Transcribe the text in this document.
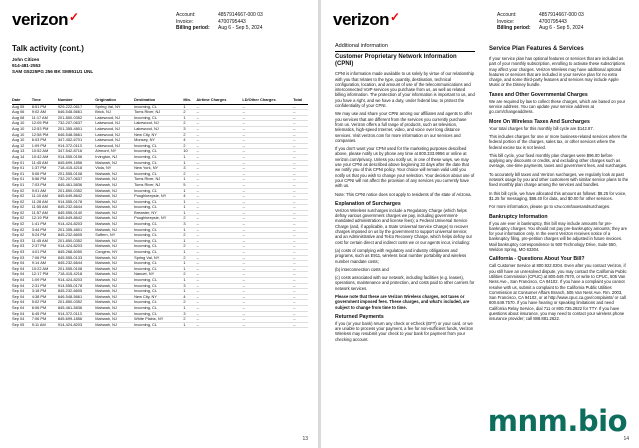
verizon✓	Account:	4857914667-000 03
Invoice:	4700795443
Billing period:	Aug 6 - Sep 5, 2024
Talk activity (cont.)
John Citizen
914-481-2553
SAM G5225PG 256 BK SM951U1 UNL
Date	Time	Number	Origination	Destination	Min.	Airtime Charges	LD/Other Charges	Total
Aug 05	8:51 PM	929-222-0617	Spring Val, NY	Incoming, CL	1	--	--	--
Aug 06	9:02 AM	646-548-5661	Brick, NJ	Toms River, NJ	2	--	--	--
Aug 08	11:17 AM	201-850-0352	Lakewood, NJ	Incoming, CL	1	--	--	--
Aug 10	12:05 PM	732-207-0637	Lakewood, NJ	Lakewood, NJ	2	--	--	--
Aug 10	12:53 PM	201-355-4801	Lakewood, NJ	Lakewood, NJ	3	--	--	--
Aug 10	12:58 PM	646-548-5661	Lakewood, NJ	New City, NY	2	--	--	--
Aug 10	6:03 PM	347-452-6701	Lakewood, NJ	Monsey, NY	4	--	--	--
Aug 12	1:09 PM	914-372-0113	Lakewood, NJ	Incoming, CL	2	--	--	--
Aug 13	10:52 AM	347-542-8716	Airmont, NY	Incoming, CL	10	--	--	--
Aug 14	10:42 AM	914-555-0156	Irvington, NJ	Incoming, CL	1	--	--	--
Sep 01	11:45 AM	845-699-1856	Mahwah, NJ	Incoming, CL	1	--	--	--
Sep 01	1:37 PM	718-415-4218	Viola, NY	New York, NY	3	--	--	--
Sep 01	5:06 PM	201-555-0108	Mahwah, NJ	Incoming, CL	2	--	--	--
Sep 01	5:56 PM	732-207-0637	Mahwah, NJ	Toms River, NJ	1	--	--	--
Sep 01	7:03 PM	845-461-5836	Mahwah, NJ	Toms River, NJ	5	--	--	--
Sep 02	9:01 AM	201-850-0352	Mahwah, NJ	Incoming, CL	1	--	--	--
Sep 02	11:10 AM	845-649-8642	Mahwah, NJ	Poughkeepsie, NY	4	--	--	--
Sep 02	11:28 AM	914-555-0178	Mahwah, NJ	Incoming, CL	1	--	--	--
Sep 02	11:55 AM	845-232-6644	Mahwah, NJ	Incoming, CL	1	--	--	--
Sep 02	11:57 AM	845-555-0140	Mahwah, NJ	Brewster, NY	1	--	--	--
Sep 02	12:19 PM	845-649-8642	Mahwah, NJ	Poughkeepsie, NY	2	--	--	--
Sep 02	1:41 PM	914-424-8203	Mahwah, NJ	Incoming, CL	3	--	--	--
Sep 02	3:44 PM	201-355-4801	Mahwah, NJ	Incoming, CL	1	--	--	--
Sep 02	5:24 PM	845-232-6605	Suffern, NY	Incoming, CL	2	--	--	--
Sep 03	11:45 AM	201-850-0352	Mahwah, NJ	Incoming, CL	1	--	--	--
Sep 03	2:37 PM	914-424-8203	Mahwah, NJ	Incoming, CL	2	--	--	--
Sep 03	4:01 PM	845-268-6050	Congers, NY	Incoming, CL	1	--	--	--
Sep 03	7:06 PM	845-555-0133	Mahwah, NJ	Spring Val, NY	2	--	--	--
Sep 04	9:14 AM	845-232-6644	Mahwah, NJ	Incoming, CL	1	--	--	--
Sep 04	10:22 AM	201-555-0108	Mahwah, NJ	Incoming, CL	1	--	--	--
Sep 04	12:17 PM	718-415-4218	Mahwah, NJ	Nanuet, NY	2	--	--	--
Sep 04	1:09 PM	914-424-8203	Mahwah, NJ	Incoming, CL	1	--	--	--
Sep 04	2:31 PM	914-555-0178	Mahwah, NJ	Incoming, CL	3	--	--	--
Sep 04	3:18 PM	845-232-6605	Mahwah, NJ	Incoming, CL	1	--	--	--
Sep 04	4:38 PM	646-548-5661	Mahwah, NJ	New City, NY	4	--	--	--
Sep 04	5:02 PM	201-850-0352	Mahwah, NJ	Incoming, CL	2	--	--	--
Sep 04	6:06 PM	845-461-5836	Mahwah, NJ	Incoming, CL	1	--	--	--
Sep 04	6:45 PM	914-372-0113	Mahwah, NJ	Incoming, CL	3	--	--	--
Sep 04	7:06 PM	845-699-1856	Mahwah, NJ	White Plains, NY	2	--	--	--
Sep 05	9:11 AM	914-424-8203	Mahwah, NJ	Incoming, CL	1	--	--	--
13
verizon✓	Account:	4857914667-000 03
Invoice:	4700795443
Billing period:	Aug 6 - Sep 5, 2024
Additional information
Customer Proprietary Network Information (CPNI)

CPNI is information made available to us solely by virtue of our relationship with you that relates to the type, quantity, destination, technical configuration, location, and amount of use of the telecommunications and interconnected VoIP services you purchase from us, as well as related billing information. The protection of your information is important to us, and you have a right, and we have a duty, under federal law, to protect the confidentiality of your CPNI.

We may use and share your CPNI among our affiliates and agents to offer you services that are different from the services you currently purchase from us. Verizon offers a full range of products, such as television, telematics, high-speed Internet, video, and voice over long distance services. Visit verizon.com for more information on our services and companies.

If you don't want your CPNI used for the marketing purposes described above, please notify us by phone any time at 800.333.9956 or online at verizon.com/privacy. Unless you notify us, in one of these ways, we may use your CPNI as described above beginning 33 days after the date that we notify you of this CPNI policy. Your choice will remain valid until you notify us that you wish to change your selection. Your decision about use of your CPNI will not affect the provision of any services you currently have with us.

Note: This CPNI notice does not apply to residents of the state of Arizona.

Explanation of Surcharges

Verizon Wireless surcharges include a Regulatory Charge (which helps defray various government charges we pay, including government-mandated administration and license fees); a Federal Universal Service Charge (and, if applicable, a State Universal Service Charge) to recover charges imposed on us by the government to support universal service; and an Administrative and Telco Recovery Charge, which helps defray our cost for certain direct and indirect costs we or our agents incur, including:

(a) costs of complying with regulatory and industry obligations and programs, such as E911, wireless local number portability and wireless number mandate costs;

(b) interconnection costs and

(c) costs associated with our network, including facilities (e.g. leases), operations, maintenance and protection, and costs paid to other carriers for network services.

Please note that these are Verizon Wireless charges, not taxes or government imposed fees. These charges, and what's included, are subject to change from time to time.

Returned Payments

If you (or your bank) return any check or eCheck (EFT) or your card, or we are unable to process your payment, a fee for non-sufficient funds, Verizon Wireless may resubmit your check to your bank for payment from your checking account.

Service Plan Features & Services

If your service plan has optional features or services that are included as part of your monthly subscription, enrolling to activate these subscriptions may affect your charges. Verizon Wireless may have additional optional features or services that are included in your service plan for no extra charge, and some third-party features and services may include Apple Music or the Disney bundle.

Taxes and Other Governmental Charges

We are required by law to collect these charges, which are based on your service address. You can update your service address at go.com/changeaddress.

More On Wireless Taxes And Surcharges

Your total charges for this monthly bill cycle are $142.87.

This includes charges for one or more business-related services where the federal portion of the charges, sales tax, or other services where the federal excise tax is not levied.

This bill cycle, your fixed monthly plan charges were $96.00 before applying any discounts or credits, and excluding other charges such as overage, one-time payments, taxes and government fees, and surcharges.

To accurately bill taxes and Verizon surcharges, we regularly look at past network usage by you and other customers with similar service plans to the fixed monthly plan charge among the services and bundles.

In this bill cycle, we have allocated this amount as follows: $8.25 for voice, $1.25 for messaging, $86.40 for data, and $0.00 for other services.

For more information, please go to vzw.com/taxesandsurcharges.

Bankruptcy Information

If you are ever in bankruptcy, this bill may include amounts for pre-bankruptcy charges. You should not pay pre-bankruptcy amounts; they are for your information only. In the event Verizon receives notice of a bankruptcy filing, pre-petition charges will be adjusted in future invoices. Mail bankruptcy correspondence to 500 Technology Drive, Suite 550, Weldon Spring, MO 63304.

California - Questions About Your Bill?

Call Customer Service at 800.922.0204. Even after you contact Verizon, if you still have an unresolved dispute, you may contact the California Public Utilities Commission (CPUC) at 800.649.7570, or write to CPUC, 505 Van Ness Ave., San Francisco, CA 94102. If you have a complaint you cannot resolve with us, submit a complaint to the California Public Utilities Commission at Consumer Affairs Branch, 505 Van Ness Ave. Rm. 2003, San Francisco, CA 94102, or at http://www.cpuc.ca.gov/complaints/ or call 800.649.7570. If you have hearing or speaking limitations and need California Relay Service, dial 711 or 800.735.2922 for TTY. If you have questions about insurance, you may need to contact your wireless phone insurance provider; call 888.881.2622.

14
mnm.bio
